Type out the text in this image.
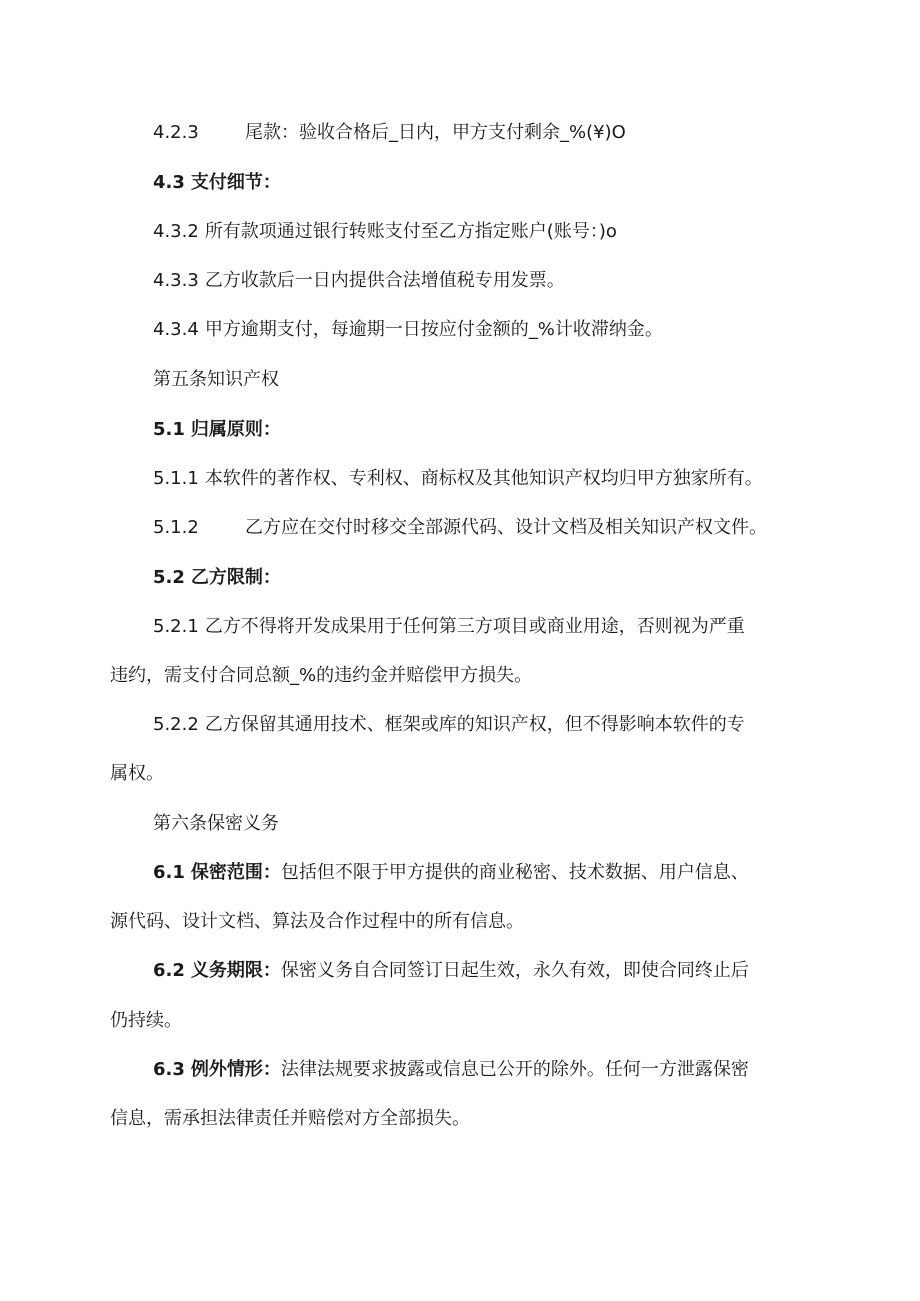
4.2.3	尾款：验收合格后_日内，甲方支付剩余_%(¥)O
4.3 支付细节：
4.3.2 所有款项通过银行转账支付至乙方指定账户(账号：)o
4.3.3 乙方收款后一日内提供合法增值税专用发票。
4.3.4 甲方逾期支付，每逾期一日按应付金额的_%计收滞纳金。
第五条知识产权
5.1 归属原则：
5.1.1 本软件的著作权、专利权、商标权及其他知识产权均归甲方独家所有。
5.1.2	乙方应在交付时移交全部源代码、设计文档及相关知识产权文件。
5.2 乙方限制：
5.2.1 乙方不得将开发成果用于任何第三方项目或商业用途，否则视为严重
违约，需支付合同总额_%的违约金并赔偿甲方损失。
5.2.2 乙方保留其通用技术、框架或库的知识产权，但不得影响本软件的专
属权。
第六条保密义务
6.1 保密范围：包括但不限于甲方提供的商业秘密、技术数据、用户信息、
源代码、设计文档、算法及合作过程中的所有信息。
6.2 义务期限：保密义务自合同签订日起生效，永久有效，即使合同终止后
仍持续。
6.3 例外情形：法律法规要求披露或信息已公开的除外。任何一方泄露保密
信息，需承担法律责任并赔偿对方全部损失。
